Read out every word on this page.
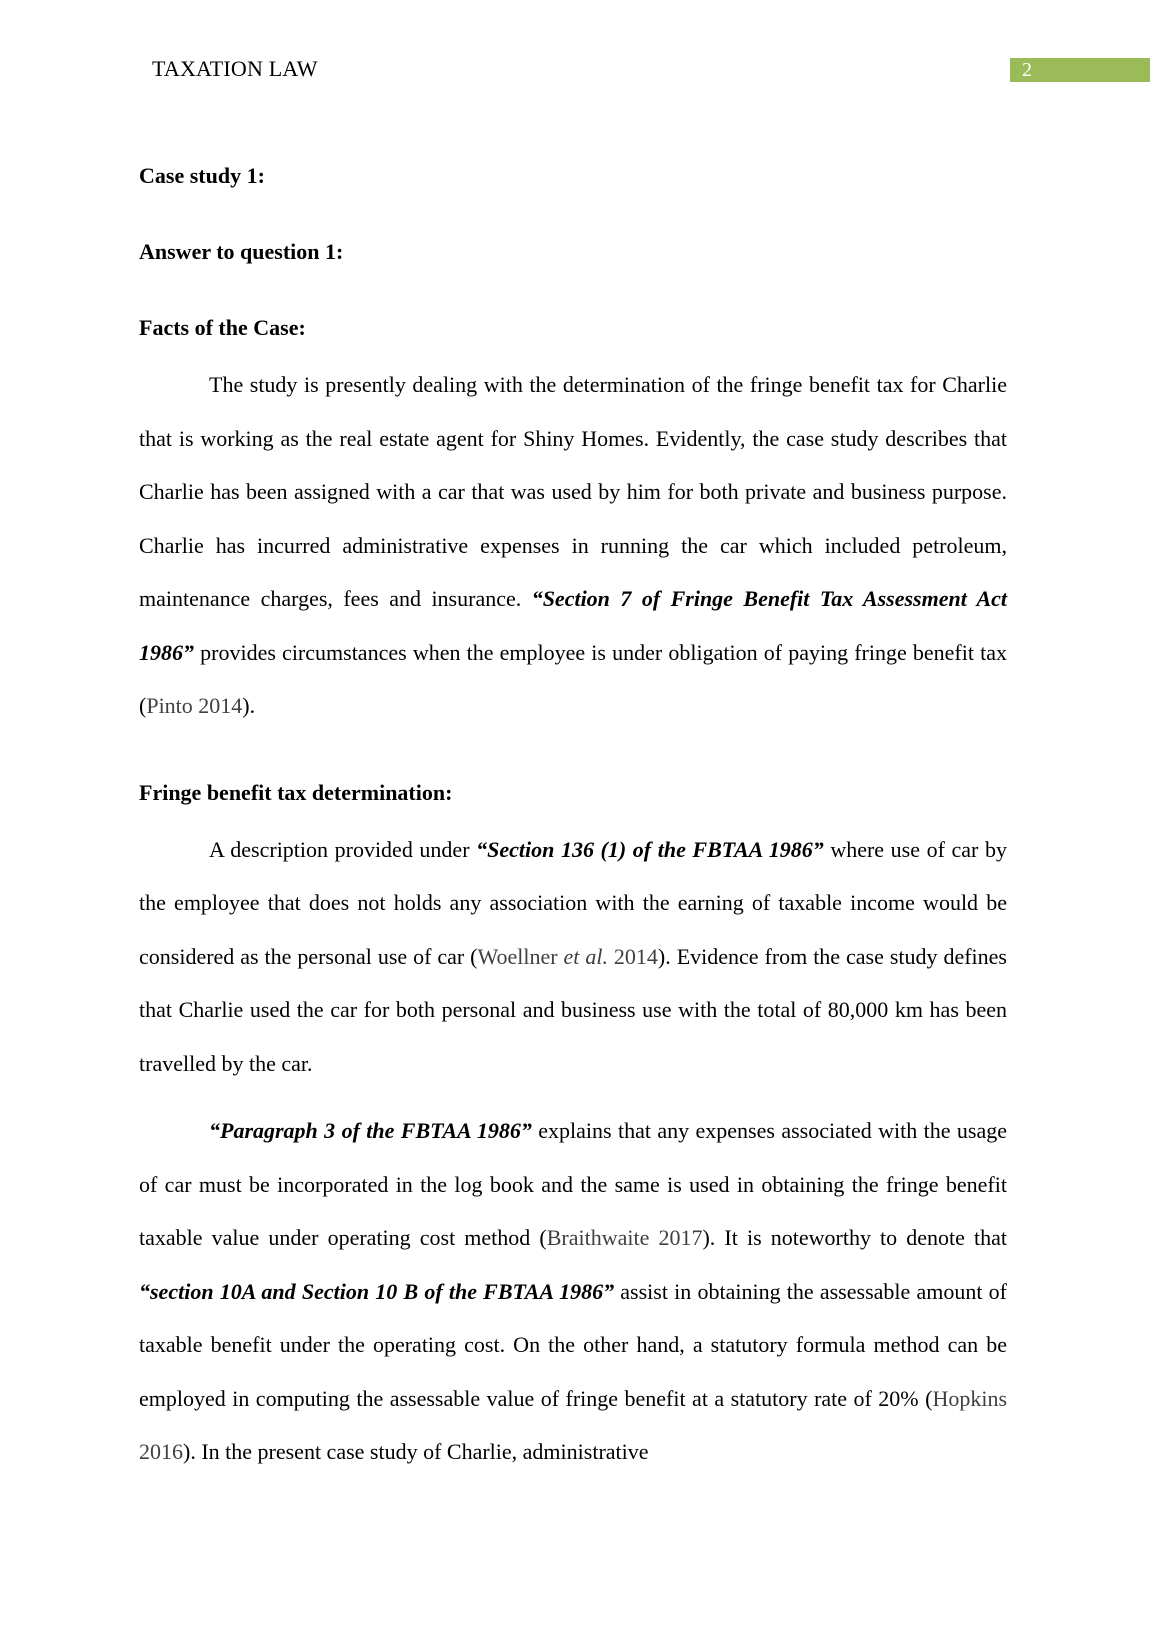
TAXATION LAW	2

Case study 1:

Answer to question 1:

Facts of the Case:

The study is presently dealing with the determination of the fringe benefit tax for Charlie that is working as the real estate agent for Shiny Homes. Evidently, the case study describes that Charlie has been assigned with a car that was used by him for both private and business purpose. Charlie has incurred administrative expenses in running the car which included petroleum, maintenance charges, fees and insurance. “Section 7 of Fringe Benefit Tax Assessment Act 1986” provides circumstances when the employee is under obligation of paying fringe benefit tax (Pinto 2014).

Fringe benefit tax determination:

A description provided under “Section 136 (1) of the FBTAA 1986” where use of car by the employee that does not holds any association with the earning of taxable income would be considered as the personal use of car (Woellner et al. 2014). Evidence from the case study defines that Charlie used the car for both personal and business use with the total of 80,000 km has been travelled by the car.

“Paragraph 3 of the FBTAA 1986” explains that any expenses associated with the usage of car must be incorporated in the log book and the same is used in obtaining the fringe benefit taxable value under operating cost method (Braithwaite 2017). It is noteworthy to denote that “section 10A and Section 10 B of the FBTAA 1986” assist in obtaining the assessable amount of taxable benefit under the operating cost. On the other hand, a statutory formula method can be employed in computing the assessable value of fringe benefit at a statutory rate of 20% (Hopkins 2016). In the present case study of Charlie, administrative
